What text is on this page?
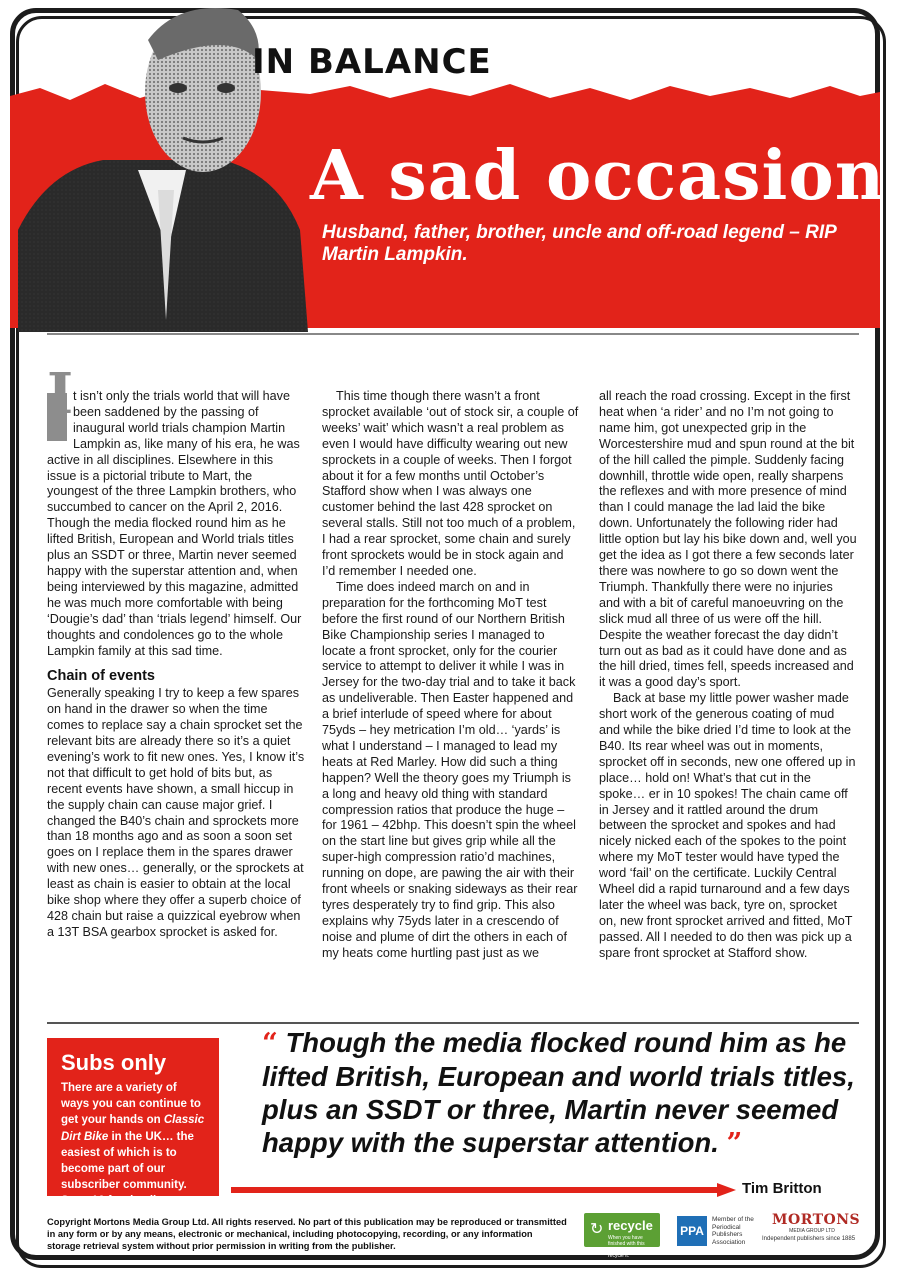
IN BALANCE
A sad occasion
Husband, father, brother, uncle and off-road legend – RIP Martin Lampkin.
I t isn’t only the trials world that will have been saddened by the passing of inaugural world trials champion Martin Lampkin as, like many of his era, he was active in all disciplines. Elsewhere in this issue is a pictorial tribute to Mart, the youngest of the three Lampkin brothers, who succumbed to cancer on the April 2, 2016. Though the media flocked round him as he lifted British, European and World trials titles plus an SSDT or three, Martin never seemed happy with the superstar attention and, when being interviewed by this magazine, admitted he was much more comfortable with being ‘Dougie’s dad’ than ‘trials legend’ himself. Our thoughts and condolences go to the whole Lampkin family at this sad time.

Chain of events

Generally speaking I try to keep a few spares on hand in the drawer so when the time comes to replace say a chain sprocket set the relevant bits are already there so it’s a quiet evening’s work to fit new ones. Yes, I know it’s not that difficult to get hold of bits but, as recent events have shown, a small hiccup in the supply chain can cause major grief. I changed the B40’s chain and sprockets more than 18 months ago and as soon a soon set goes on I replace them in the spares drawer with new ones… generally, or the sprockets at least as chain is easier to obtain at the local bike shop where they offer a superb choice of 428 chain but raise a quizzical eyebrow when a 13T BSA gearbox sprocket is asked for.

This time though there wasn’t a front sprocket available ‘out of stock sir, a couple of weeks’ wait’ which wasn’t a real problem as even I would have difficulty wearing out new sprockets in a couple of weeks. Then I forgot about it for a few months until October’s Stafford show when I was always one customer behind the last 428 sprocket on several stalls. Still not too much of a problem, I had a rear sprocket, some chain and surely front sprockets would be in stock again and I’d remember I needed one.

Time does indeed march on and in preparation for the forthcoming MoT test before the first round of our Northern British Bike Championship series I managed to locate a front sprocket, only for the courier service to attempt to deliver it while I was in Jersey for the two-day trial and to take it back as undeliverable. Then Easter happened and a brief interlude of speed where for about 75yds – hey metrication I’m old… ‘yards’ is what I understand – I managed to lead my heats at Red Marley. How did such a thing happen? Well the theory goes my Triumph is a long and heavy old thing with standard compression ratios that produce the huge – for 1961 – 42bhp. This doesn’t spin the wheel on the start line but gives grip while all the super-high compression ratio’d machines, running on dope, are pawing the air with their front wheels or snaking sideways as their rear tyres desperately try to find grip. This also explains why 75yds later in a crescendo of noise and plume of dirt the others in each of my heats come hurtling past just as we

all reach the road crossing. Except in the first heat when ‘a rider’ and no I’m not going to name him, got unexpected grip in the Worcestershire mud and spun round at the bit of the hill called the pimple. Suddenly facing downhill, throttle wide open, really sharpens the reflexes and with more presence of mind than I could manage the lad laid the bike down. Unfortunately the following rider had little option but lay his bike down and, well you get the idea as I got there a few seconds later there was nowhere to go so down went the Triumph. Thankfully there were no injuries and with a bit of careful manoeuvring on the slick mud all three of us were off the hill. Despite the weather forecast the day didn’t turn out as bad as it could have done and as the hill dried, times fell, speeds increased and it was a good day’s sport.

Back at base my little power washer made short work of the generous coating of mud and while the bike dried I’d time to look at the B40. Its rear wheel was out in moments, sprocket off in seconds, new one offered up in place… hold on! What’s that cut in the spoke… er in 10 spokes! The chain came off in Jersey and it rattled around the drum between the sprocket and spokes and had nicely nicked each of the spokes to the point where my MoT tester would have typed the word ‘fail’ on the certificate. Luckily Central Wheel did a rapid turnaround and a few days later the wheel was back, tyre on, sprocket on, new front sprocket arrived and fitted, MoT passed. All I needed to do then was pick up a spare front sprocket at Stafford show.

Subs only
There are a variety of ways you can continue to get your hands on Classic Dirt Bike in the UK… the easiest of which is to become part of our subscriber community. See p16 for details.
“ Though the media flocked round him as he lifted British, European and world trials titles, plus an SSDT or three, Martin never seemed happy with the superstar attention. ”
Tim Britton
Copyright Mortons Media Group Ltd. All rights reserved. No part of this publication may be reproduced or transmitted in any form or by any means, electronic or mechanical, including photocopying, recording, or any information storage retrieval system without prior permission in writing from the publisher.
↻ recycle
When you have finished with this magazine please recycle it.
PPA
Member of the
Periodical
Publishers
Association
MORTONS
MEDIA GROUP LTD
Independent publishers since 1885
